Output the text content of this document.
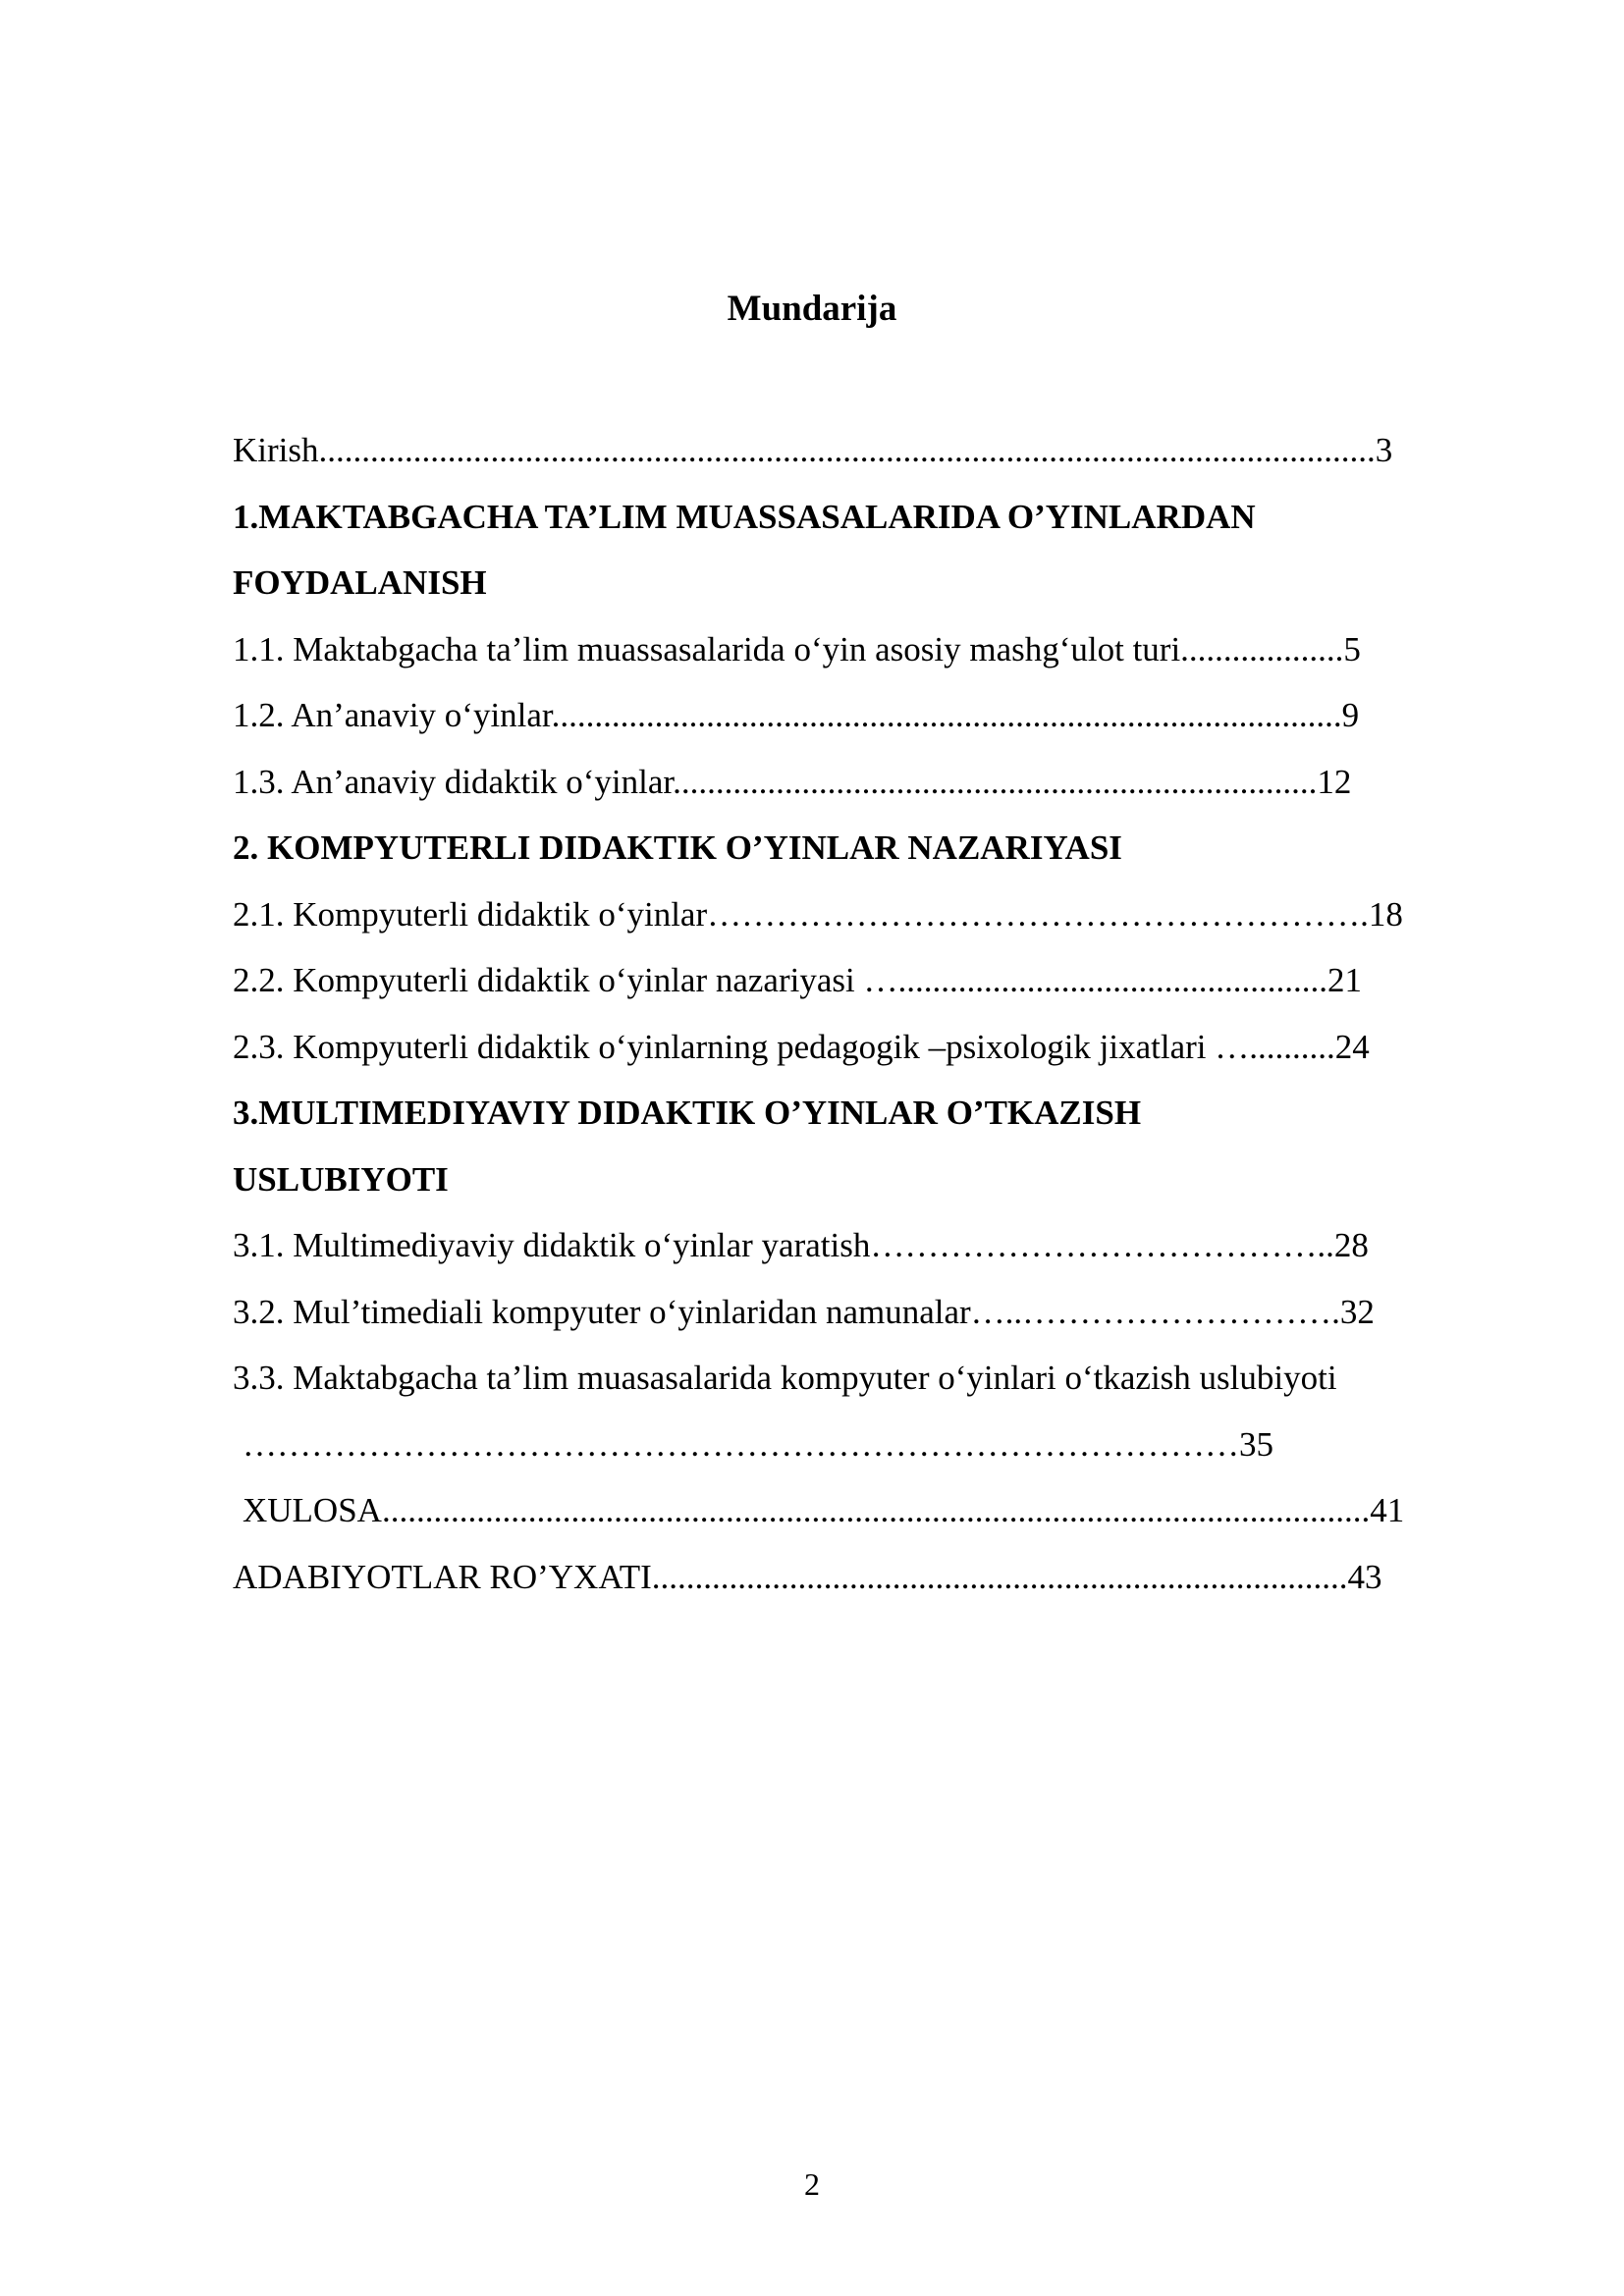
Mundarija
Kirish...........................................................................................................................3
1.MAKTABGACHA TA’LIM MUASSASALARIDA O’YINLARDAN
FOYDALANISH
1.1. Maktabgacha ta’lim muassasalarida o‘yin asosiy mashg‘ulot turi...................5
1.2. An’anaviy o‘yinlar............................................................................................9
1.3. An’anaviy didaktik o‘yinlar...........................................................................12
2. KOMPYUTERLI DIDAKTIK O’YINLAR NAZARIYASI
2.1. Kompyuterli didaktik o‘yinlar………………………………………………….18
2.2. Kompyuterli didaktik o‘yinlar nazariyasi …..................................................21
2.3. Kompyuterli didaktik o‘yinlarning pedagogik –psixologik jixatlari …..........24
3.MULTIMEDIYAVIY DIDAKTIK O’YINLAR O’TKAZISH
USLUBIYOTI
3.1. Multimediyaviy didaktik o‘yinlar yaratish…………………………………..28
3.2. Mul’timediali kompyuter o‘yinlaridan namunalar…..……………………….32
3.3. Maktabgacha ta’lim muasasalarida kompyuter o‘yinlari o‘tkazish uslubiyoti
……………………………………………………………………………35
XULOSA...................................................................................................................41
ADABIYOTLAR RO’YXATI.................................................................................43
2
